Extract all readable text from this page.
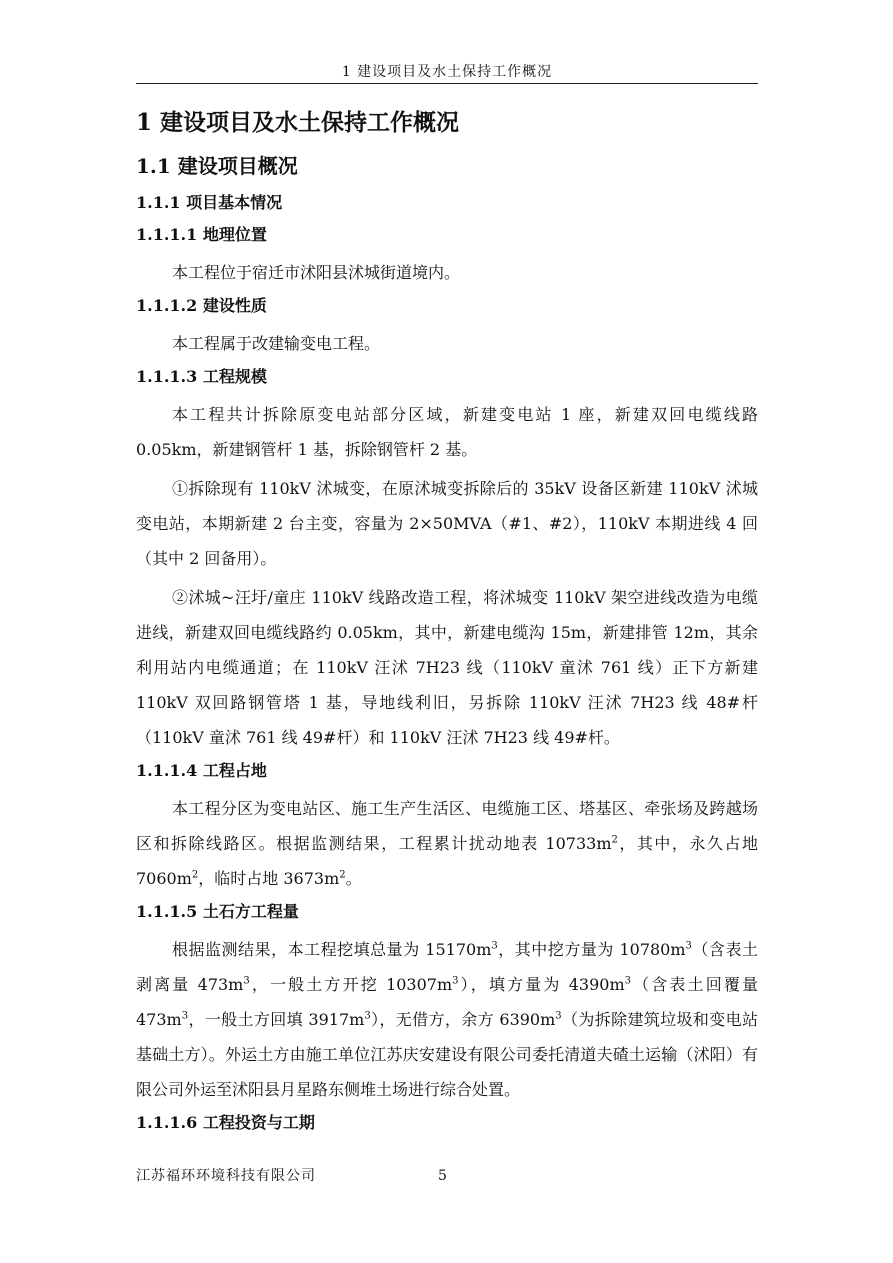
1 建设项目及水土保持工作概况
1 建设项目及水土保持工作概况
1.1 建设项目概况
1.1.1 项目基本情况
1.1.1.1 地理位置

本工程位于宿迁市沭阳县沭城街道境内。

1.1.1.2 建设性质

本工程属于改建输变电工程。

1.1.1.3 工程规模

本工程共计拆除原变电站部分区域，新建变电站 1 座，新建双回电缆线路 0.05km，新建钢管杆 1 基，拆除钢管杆 2 基。

①拆除现有 110kV 沭城变，在原沭城变拆除后的 35kV 设备区新建 110kV 沭城变电站，本期新建 2 台主变，容量为 2×50MVA（#1、#2），110kV 本期进线 4 回（其中 2 回备用）。

②沭城~汪圩/童庄 110kV 线路改造工程，将沭城变 110kV 架空进线改造为电缆进线，新建双回电缆线路约 0.05km，其中，新建电缆沟 15m，新建排管 12m，其余利用站内电缆通道；在 110kV 汪沭 7H23 线（110kV 童沭 761 线）正下方新建 110kV 双回路钢管塔 1 基，导地线利旧，另拆除 110kV 汪沭 7H23 线 48#杆（110kV 童沭 761 线 49#杆）和 110kV 汪沭 7H23 线 49#杆。

1.1.1.4 工程占地

本工程分区为变电站区、施工生产生活区、电缆施工区、塔基区、牵张场及跨越场区和拆除线路区。根据监测结果，工程累计扰动地表 $10733m^2$，其中，永久占地 $7060m^2$，临时占地 $3673m^2$。

1.1.1.5 土石方工程量

根据监测结果，本工程挖填总量为 $15170m^3$，其中挖方量为 $10780m^3$（含表土剥离量 $473m^3$，一般土方开挖 $10307m^3$），填方量为 $4390m^3$（含表土回覆量 $473m^3$，一般土方回填 $3917m^3$），无借方，余方 $6390m^3$（为拆除建筑垃圾和变电站基础土方）。外运土方由施工单位江苏庆安建设有限公司委托清道夫碴土运输（沭阳）有限公司外运至沭阳县月星路东侧堆土场进行综合处置。

1.1.1.6 工程投资与工期
江苏福环环境科技有限公司	5
